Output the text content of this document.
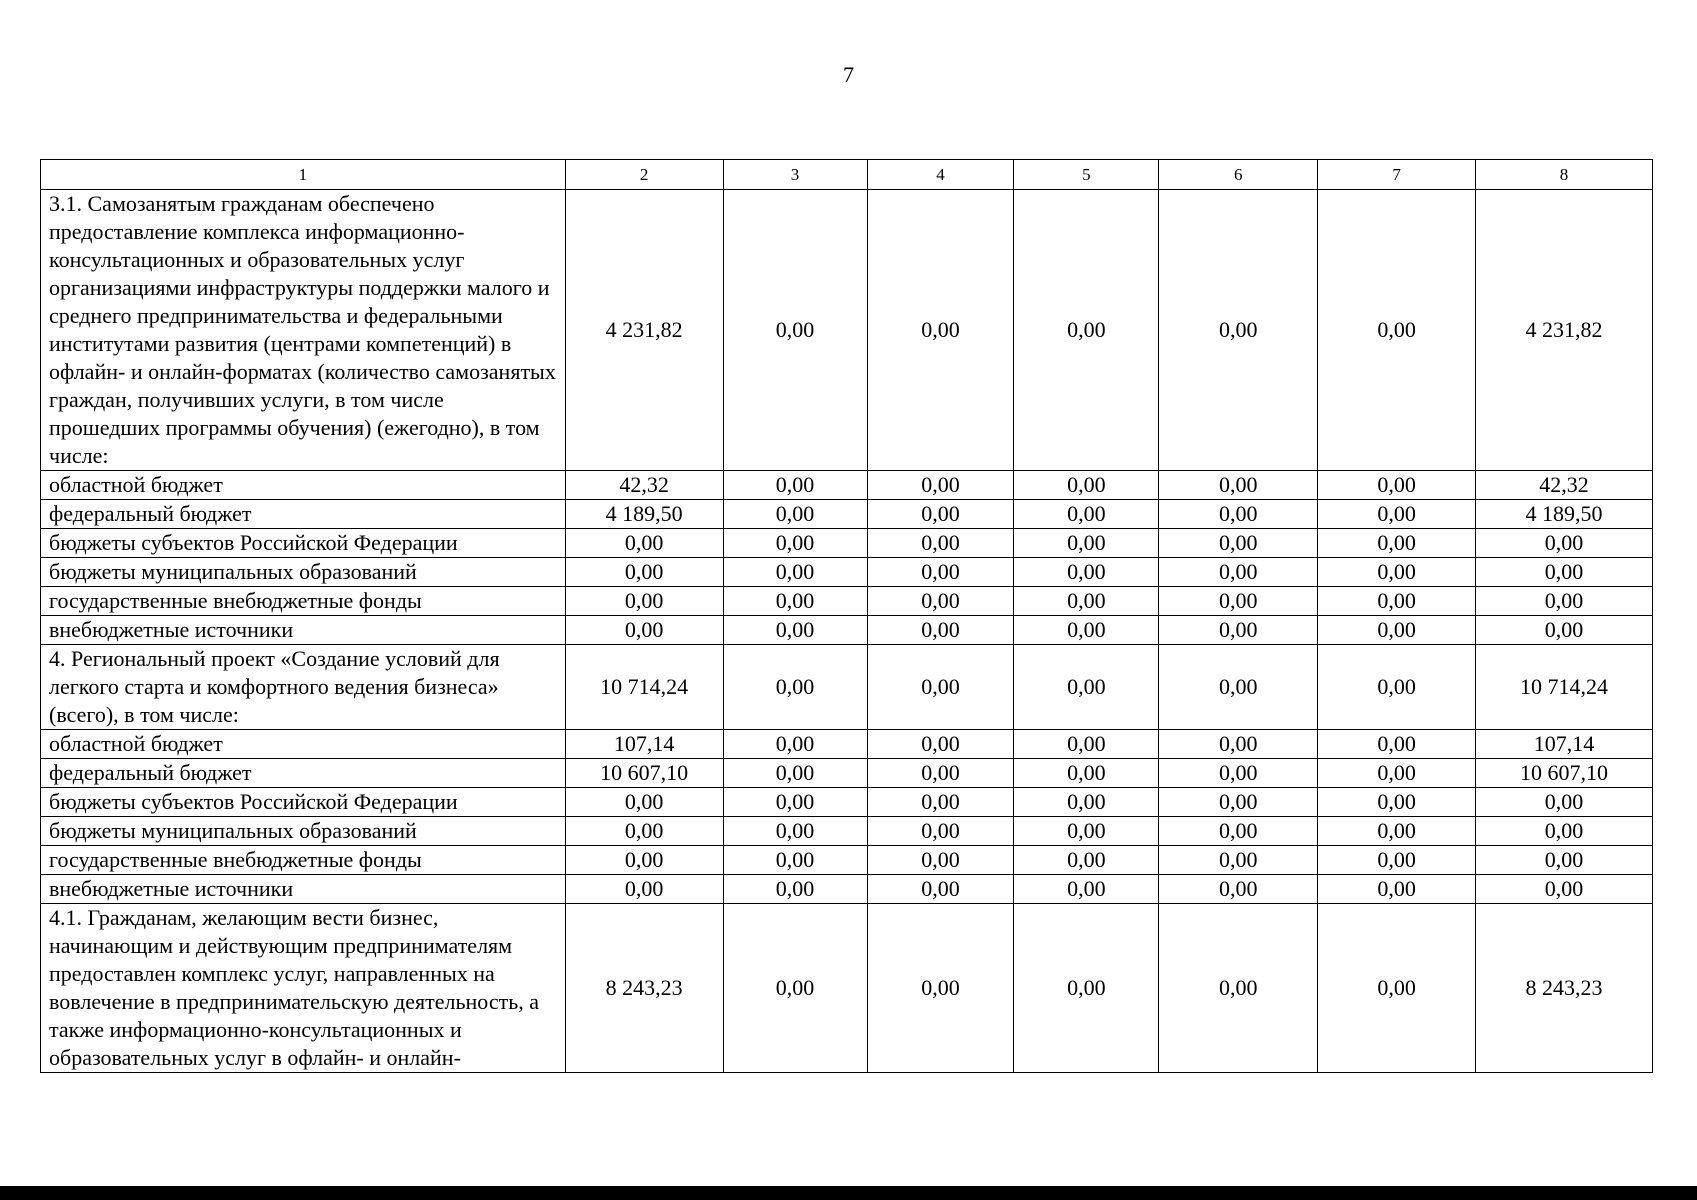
7
1	2	3	4	5	6	7	8
3.1. Самозанятым гражданам обеспечено предоставление комплекса информационно-консультационных и образовательных услуг организациями инфраструктуры поддержки малого и среднего предпринимательства и федеральными институтами развития (центрами компетенций) в офлайн- и онлайн-форматах (количество самозанятых граждан, получивших услуги, в том числе прошедших программы обучения) (ежегодно), в том числе:	4 231,82	0,00	0,00	0,00	0,00	0,00	4 231,82
областной бюджет	42,32	0,00	0,00	0,00	0,00	0,00	42,32
федеральный бюджет	4 189,50	0,00	0,00	0,00	0,00	0,00	4 189,50
бюджеты субъектов Российской Федерации	0,00	0,00	0,00	0,00	0,00	0,00	0,00
бюджеты муниципальных образований	0,00	0,00	0,00	0,00	0,00	0,00	0,00
государственные внебюджетные фонды	0,00	0,00	0,00	0,00	0,00	0,00	0,00
внебюджетные источники	0,00	0,00	0,00	0,00	0,00	0,00	0,00
4. Региональный проект «Создание условий для легкого старта и комфортного ведения бизнеса» (всего), в том числе:	10 714,24	0,00	0,00	0,00	0,00	0,00	10 714,24
областной бюджет	107,14	0,00	0,00	0,00	0,00	0,00	107,14
федеральный бюджет	10 607,10	0,00	0,00	0,00	0,00	0,00	10 607,10
бюджеты субъектов Российской Федерации	0,00	0,00	0,00	0,00	0,00	0,00	0,00
бюджеты муниципальных образований	0,00	0,00	0,00	0,00	0,00	0,00	0,00
государственные внебюджетные фонды	0,00	0,00	0,00	0,00	0,00	0,00	0,00
внебюджетные источники	0,00	0,00	0,00	0,00	0,00	0,00	0,00
4.1. Гражданам, желающим вести бизнес, начинающим и действующим предпринимателям предоставлен комплекс услуг, направленных на вовлечение в предпринимательскую деятельность, а также информационно-консультационных и образовательных услуг в офлайн- и онлайн-	8 243,23	0,00	0,00	0,00	0,00	0,00	8 243,23
